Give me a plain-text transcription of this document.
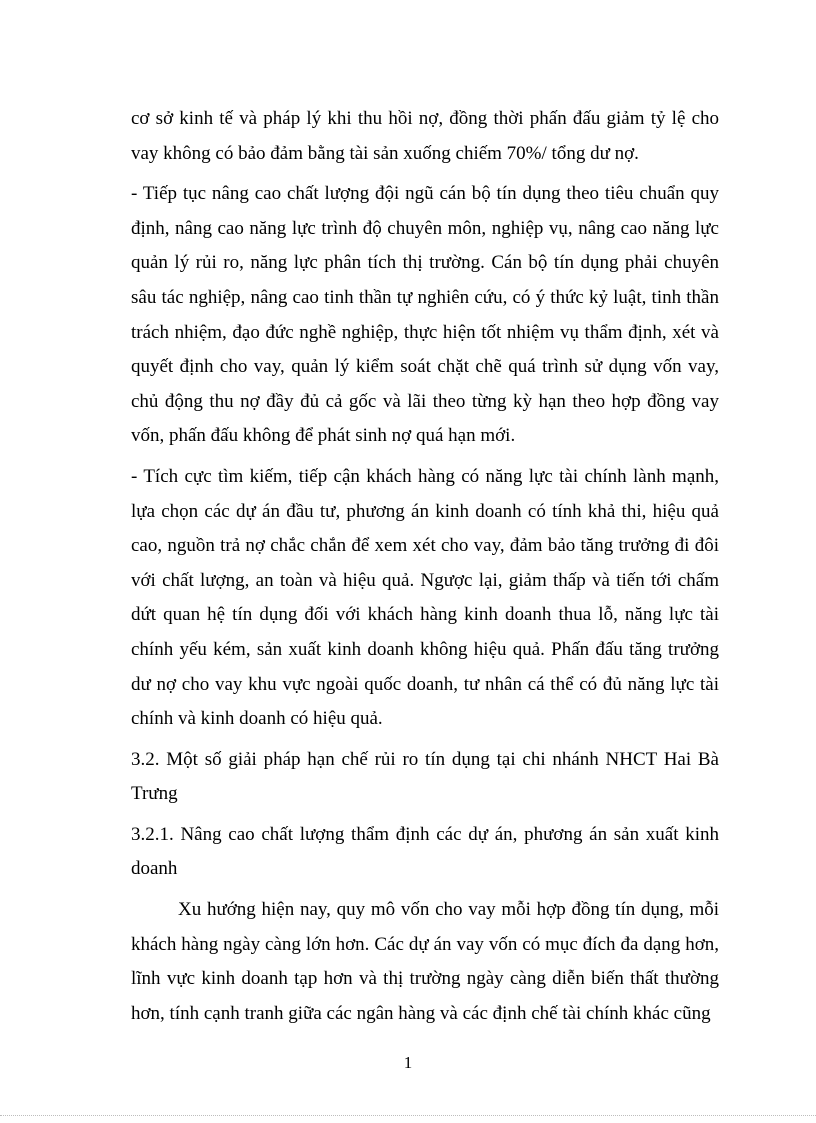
cơ sở kinh tế và pháp lý khi thu hồi nợ, đồng thời phấn đấu giảm tỷ lệ cho vay không có bảo đảm bằng tài sản xuống chiếm 70%/ tổng dư nợ.

- Tiếp tục nâng cao chất lượng đội ngũ cán bộ tín dụng theo tiêu chuẩn quy định, nâng cao năng lực trình độ chuyên môn, nghiệp vụ, nâng cao năng lực quản lý rủi ro, năng lực phân tích thị trường. Cán bộ tín dụng phải chuyên sâu tác nghiệp, nâng cao tinh thần tự nghiên cứu, có ý thức kỷ luật, tinh thần trách nhiệm, đạo đức nghề nghiệp, thực hiện tốt nhiệm vụ thẩm định, xét và quyết định cho vay, quản lý kiểm soát chặt chẽ quá trình sử dụng vốn vay, chủ động thu nợ đầy đủ cả gốc và lãi theo từng kỳ hạn theo hợp đồng vay vốn, phấn đấu không để phát sinh nợ quá hạn mới.

- Tích cực tìm kiếm, tiếp cận khách hàng có năng lực tài chính lành mạnh, lựa chọn các dự án đầu tư, phương án kinh doanh có tính khả thi, hiệu quả cao, nguồn trả nợ chắc chắn để xem xét cho vay, đảm bảo tăng trưởng đi đôi với chất lượng, an toàn và hiệu quả. Ngược lại, giảm thấp và tiến tới chấm dứt quan hệ tín dụng đối với khách hàng kinh doanh thua lỗ, năng lực tài chính yếu kém, sản xuất kinh doanh không hiệu quả. Phấn đấu tăng trưởng dư nợ cho vay khu vực ngoài quốc doanh, tư nhân cá thể có đủ năng lực tài chính và kinh doanh có hiệu quả.

3.2. Một số giải pháp hạn chế rủi ro tín dụng tại chi nhánh NHCT Hai Bà Trưng

3.2.1. Nâng cao chất lượng thẩm định các dự án, phương án sản xuất kinh doanh

Xu hướng hiện nay, quy mô vốn cho vay mỗi hợp đồng tín dụng, mỗi khách hàng ngày càng lớn hơn. Các dự án vay vốn có mục đích đa dạng hơn, lĩnh vực kinh doanh tạp hơn và thị trường ngày càng diễn biến thất thường hơn, tính cạnh tranh giữa các ngân hàng và các định chế tài chính khác cũng

1
